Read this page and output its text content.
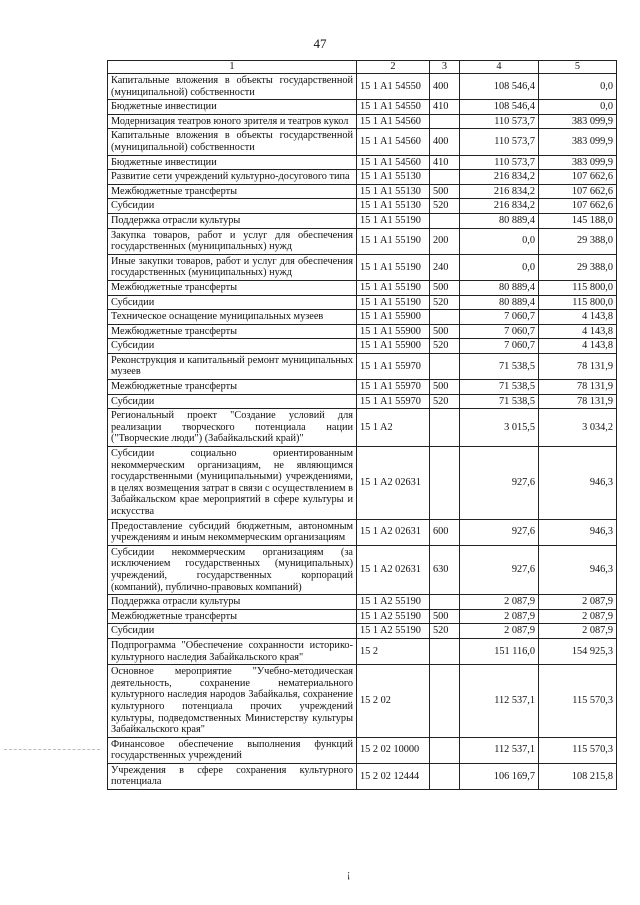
47
1	2	3	4	5
Капитальные вложения в объекты государственной (муниципальной) собственности	15 1 A1 54550	400	108 546,4	0,0
Бюджетные инвестиции	15 1 A1 54550	410	108 546,4	0,0
Модернизация театров юного зрителя и театров кукол	15 1 A1 54560		110 573,7	383 099,9
Капитальные вложения в объекты государственной (муниципальной) собственности	15 1 A1 54560	400	110 573,7	383 099,9
Бюджетные инвестиции	15 1 A1 54560	410	110 573,7	383 099,9
Развитие сети учреждений культурно-досугового типа	15 1 A1 55130		216 834,2	107 662,6
Межбюджетные трансферты	15 1 A1 55130	500	216 834,2	107 662,6
Субсидии	15 1 A1 55130	520	216 834,2	107 662,6
Поддержка отрасли культуры	15 1 A1 55190		80 889,4	145 188,0
Закупка товаров, работ и услуг для обеспечения государственных (муниципальных) нужд	15 1 A1 55190	200	0,0	29 388,0
Иные закупки товаров, работ и услуг для обеспечения государственных (муниципальных) нужд	15 1 A1 55190	240	0,0	29 388,0
Межбюджетные трансферты	15 1 A1 55190	500	80 889,4	115 800,0
Субсидии	15 1 A1 55190	520	80 889,4	115 800,0
Техническое оснащение муниципальных музеев	15 1 A1 55900		7 060,7	4 143,8
Межбюджетные трансферты	15 1 A1 55900	500	7 060,7	4 143,8
Субсидии	15 1 A1 55900	520	7 060,7	4 143,8
Реконструкция и капитальный ремонт муниципальных музеев	15 1 A1 55970		71 538,5	78 131,9
Межбюджетные трансферты	15 1 A1 55970	500	71 538,5	78 131,9
Субсидии	15 1 A1 55970	520	71 538,5	78 131,9
Региональный проект "Создание условий для реализации творческого потенциала нации ("Творческие люди") (Забайкальский край)"	15 1 A2		3 015,5	3 034,2
Субсидии социально ориентированным некоммерческим организациям, не являющимся государственными (муниципальными) учреждениями, в целях возмещения затрат в связи с осуществлением в Забайкальском крае мероприятий в сфере культуры и искусства	15 1 A2 02631		927,6	946,3
Предоставление субсидий бюджетным, автономным учреждениям и иным некоммерческим организациям	15 1 A2 02631	600	927,6	946,3
Субсидии некоммерческим организациям (за исключением государственных (муниципальных) учреждений, государственных корпораций (компаний), публично-правовых компаний)	15 1 A2 02631	630	927,6	946,3
Поддержка отрасли культуры	15 1 A2 55190		2 087,9	2 087,9
Межбюджетные трансферты	15 1 A2 55190	500	2 087,9	2 087,9
Субсидии	15 1 A2 55190	520	2 087,9	2 087,9
Подпрограмма "Обеспечение сохранности историко-культурного наследия Забайкальского края"	15 2		151 116,0	154 925,3
Основное мероприятие "Учебно-методическая деятельность, сохранение нематериального культурного наследия народов Забайкалья, сохранение культурного потенциала прочих учреждений культуры, подведомственных Министерству культуры Забайкальского края"	15 2 02		112 537,1	115 570,3
Финансовое обеспечение выполнения функций государственных учреждений	15 2 02 10000		112 537,1	115 570,3
Учреждения в сфере сохранения культурного потенциала	15 2 02 12444		106 169,7	108 215,8
¡
